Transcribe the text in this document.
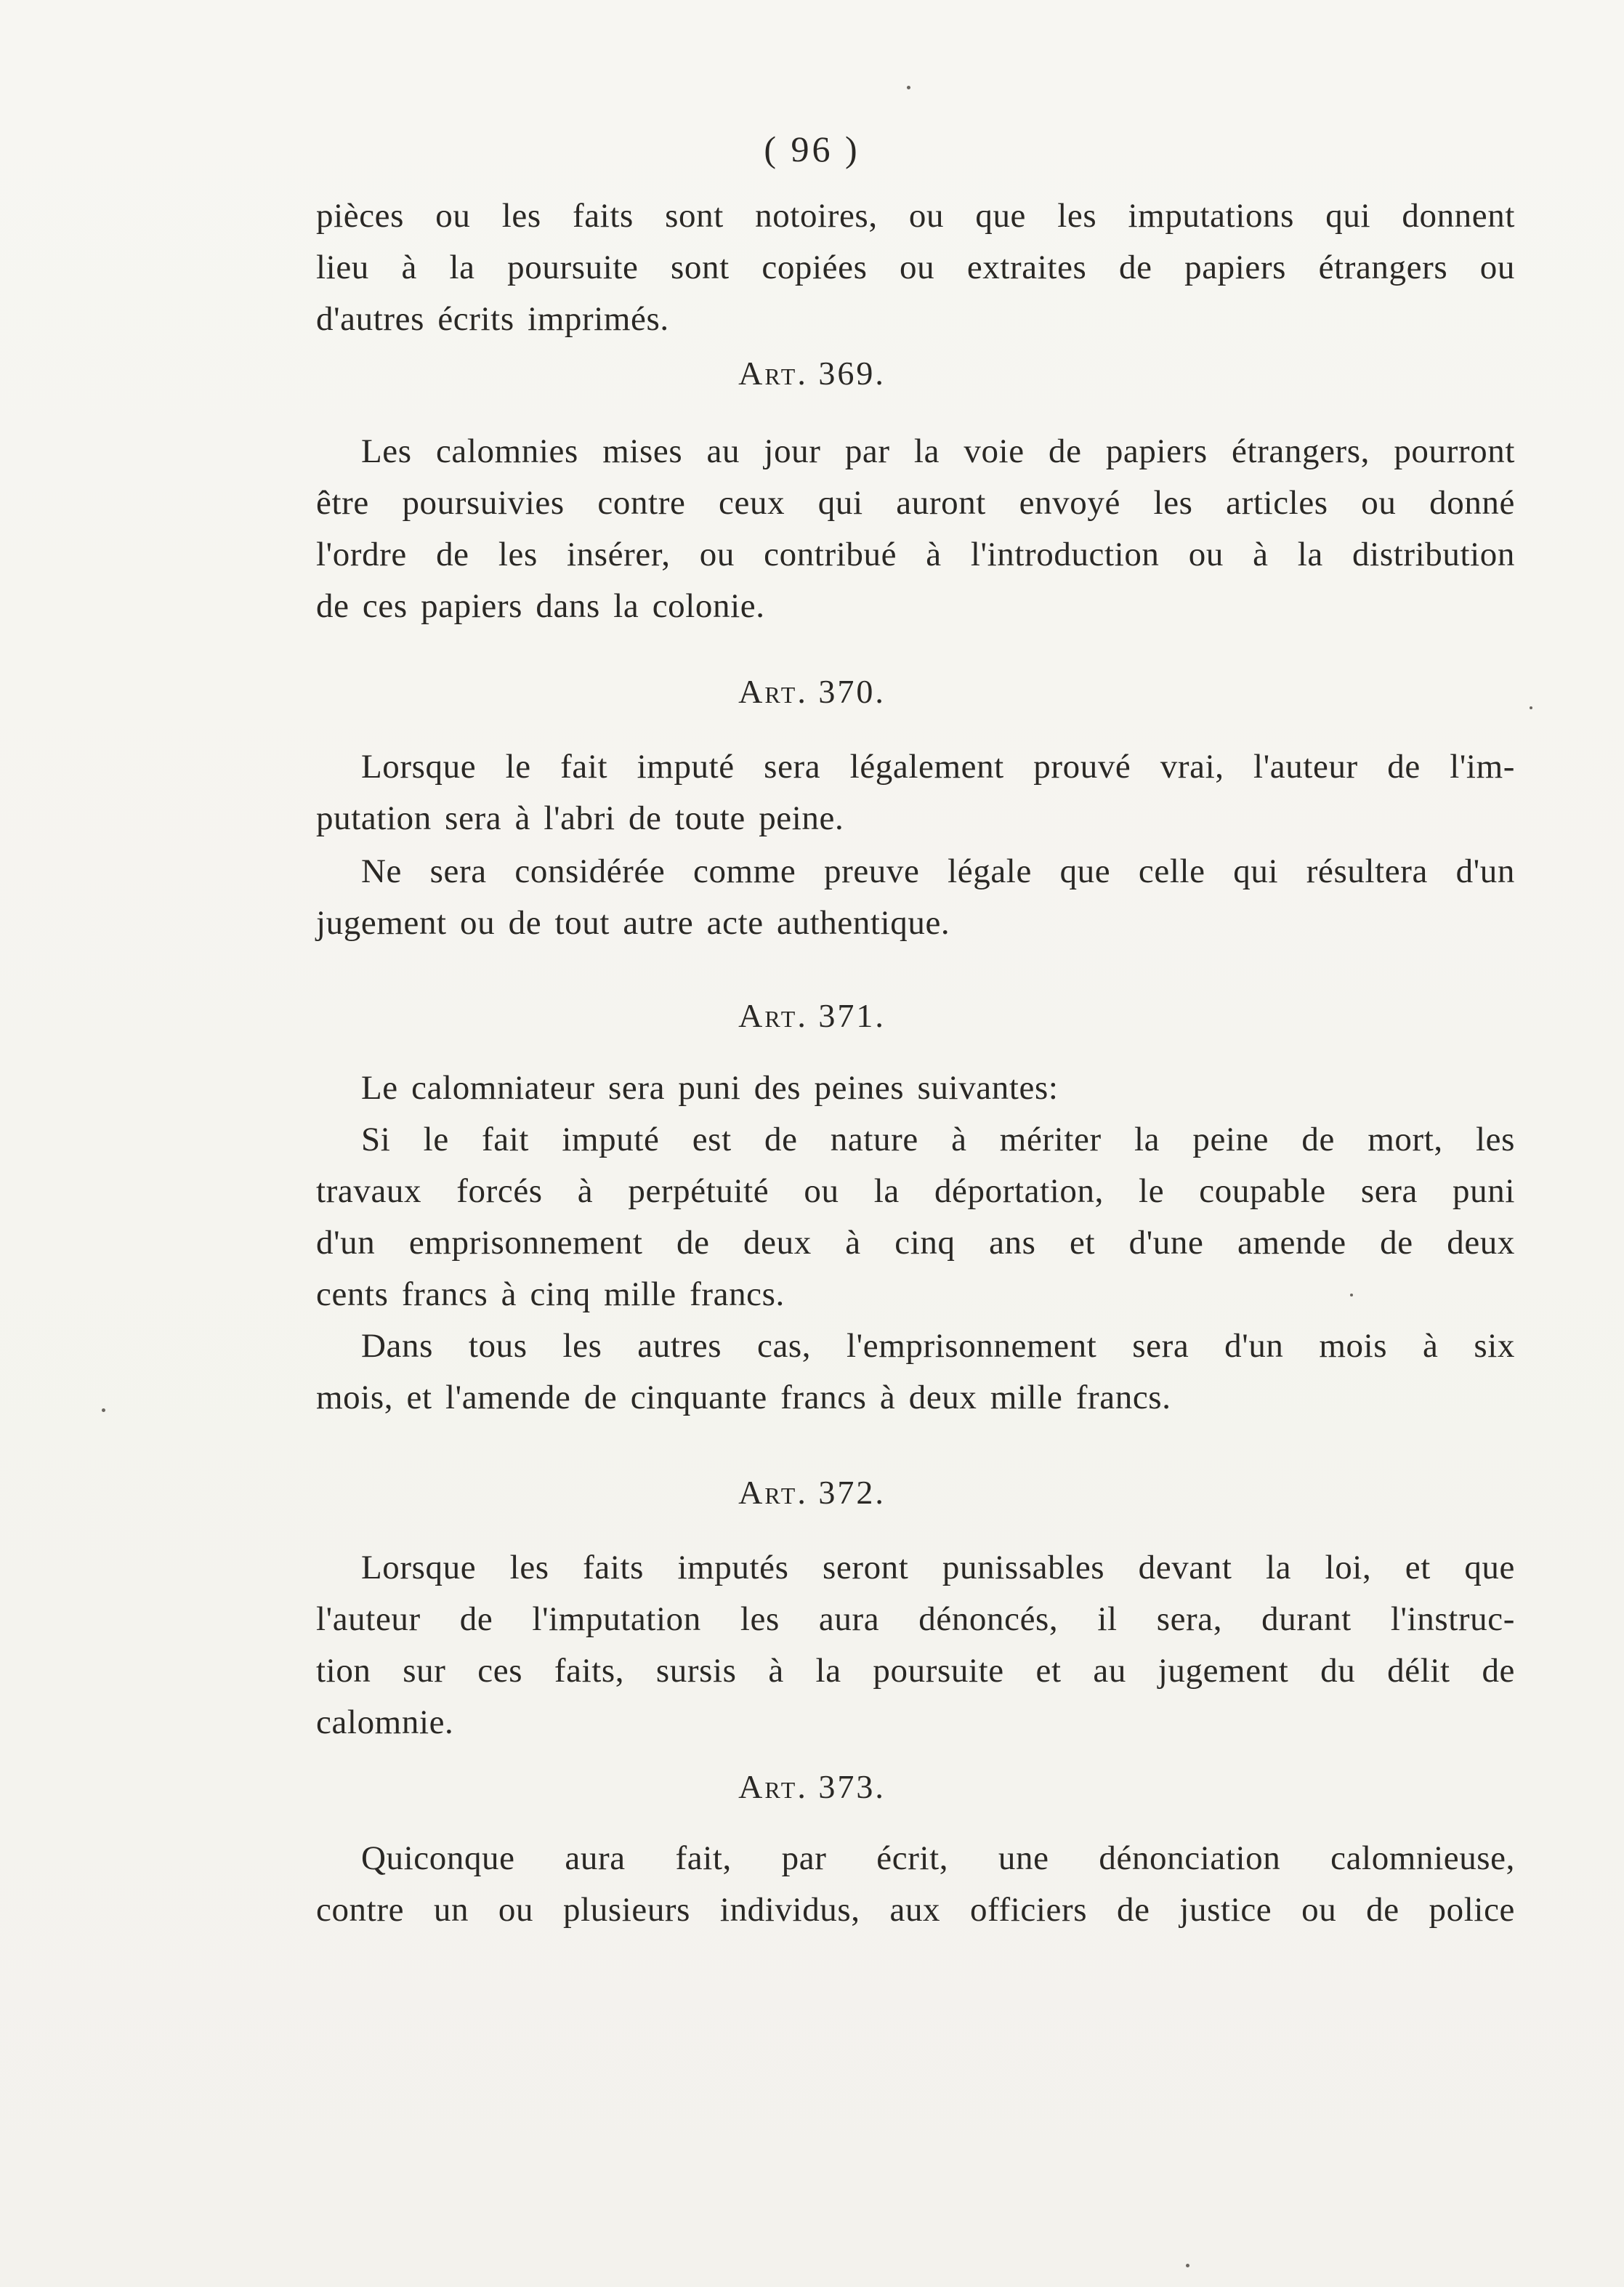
( 96 )
pièces ou les faits sont notoires, ou que les imputations qui donnent
lieu à la poursuite sont copiées ou extraites de papiers étrangers ou
d'autres écrits imprimés.
Art. 369.
Les calomnies mises au jour par la voie de papiers étrangers, pourront
être poursuivies contre ceux qui auront envoyé les articles ou donné
l'ordre de les insérer, ou contribué à l'introduction ou à la distribution
de ces papiers dans la colonie.
Art. 370.
Lorsque le fait imputé sera légalement prouvé vrai, l'auteur de l'im-
putation sera à l'abri de toute peine.
Ne sera considérée comme preuve légale que celle qui résultera d'un
jugement ou de tout autre acte authentique.
Art. 371.
Le calomniateur sera puni des peines suivantes:
Si le fait imputé est de nature à mériter la peine de mort, les
travaux forcés à perpétuité ou la déportation, le coupable sera puni
d'un emprisonnement de deux à cinq ans et d'une amende de deux
cents francs à cinq mille francs.
Dans tous les autres cas, l'emprisonnement sera d'un mois à six
mois, et l'amende de cinquante francs à deux mille francs.
Art. 372.
Lorsque les faits imputés seront punissables devant la loi, et que
l'auteur de l'imputation les aura dénoncés, il sera, durant l'instruc-
tion sur ces faits, sursis à la poursuite et au jugement du délit de
calomnie.
Art. 373.
Quiconque aura fait, par écrit, une dénonciation calomnieuse,
contre un ou plusieurs individus, aux officiers de justice ou de police
